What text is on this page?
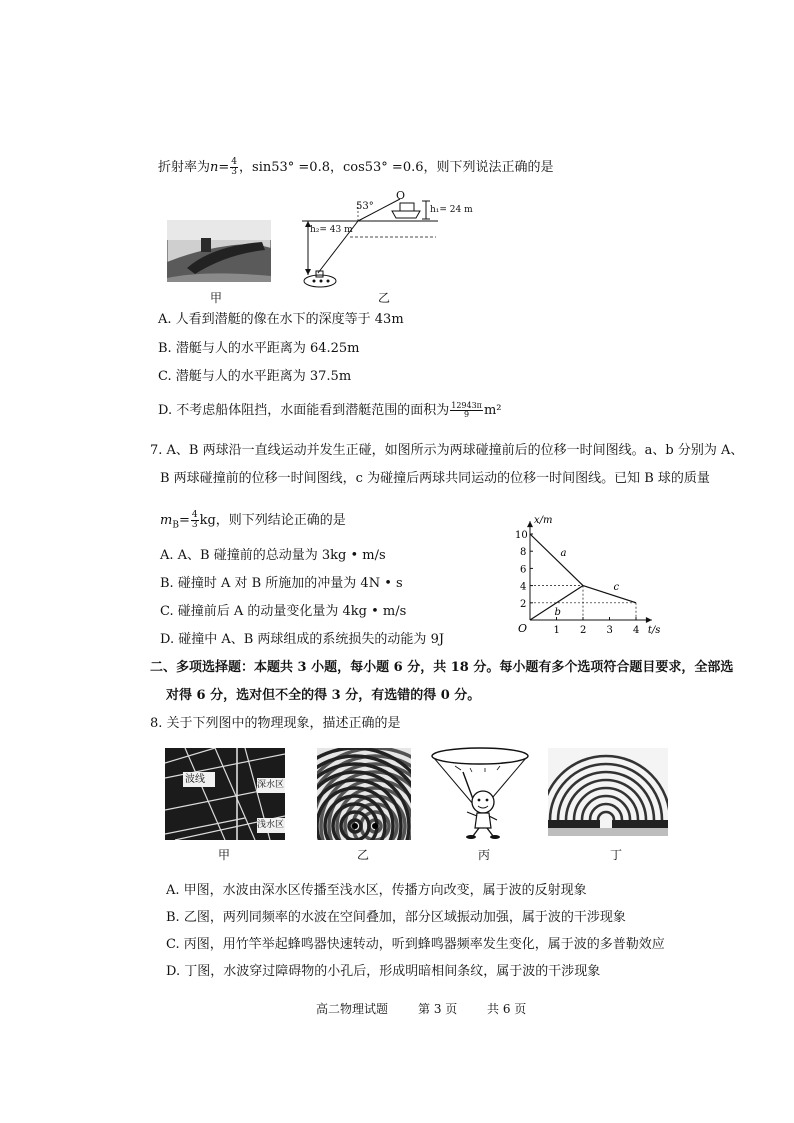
折射率为$n= \frac{4}{3}$ ，sin53° =0.8，cos53° =0.6，则下列说法正确的是
甲
53°
O
h₁= 24 m
h₂= 43 m
乙
A. 人看到潜艇的像在水下的深度等于 43m
B. 潜艇与人的水平距离为 64.25m
C. 潜艇与人的水平距离为 37.5m
D. 不考虑船体阻挡，水面能看到潜艇范围的面积为 $\frac{12943\pi}{9} m^2$
7. A、B 两球沿一直线运动并发生正碰，如图所示为两球碰撞前后的位移一时间图线。a、b 分别为 A、
B 两球碰撞前的位移一时间图线，c 为碰撞后两球共同运动的位移一时间图线。已知 B 球的质量
$m_B= \frac{4}{3}$ kg，则下列结论正确的是
A. A、B 碰撞前的总动量为 3kg • m/s
B. 碰撞时 A 对 B 所施加的冲量为 4N • s
C. 碰撞前后 A 的动量变化量为 4kg • m/s
D. 碰撞中 A、B 两球组成的系统损失的动能为 9J
x/m
t/s
O	1 2 3 4
2
4
6
8
10
a
b
c
二、多项选择题：本题共 3 小题，每小题 6 分，共 18 分。每小题有多个选项符合题目要求，全部选
对得 6 分，选对但不全的得 3 分，有选错的得 0 分。
8. 关于下列图中的物理现象，描述正确的是
波线	深水区
浅水区
甲	乙	丙	丁
A. 甲图，水波由深水区传播至浅水区，传播方向改变，属于波的反射现象
B. 乙图，两列同频率的水波在空间叠加，部分区域振动加强，属于波的干涉现象
C. 丙图，用竹竿举起蜂鸣器快速转动，听到蜂鸣器频率发生变化，属于波的多普勒效应
D. 丁图，水波穿过障碍物的小孔后，形成明暗相间条纹，属于波的干涉现象
高二物理试题 第 3 页 共 6 页
